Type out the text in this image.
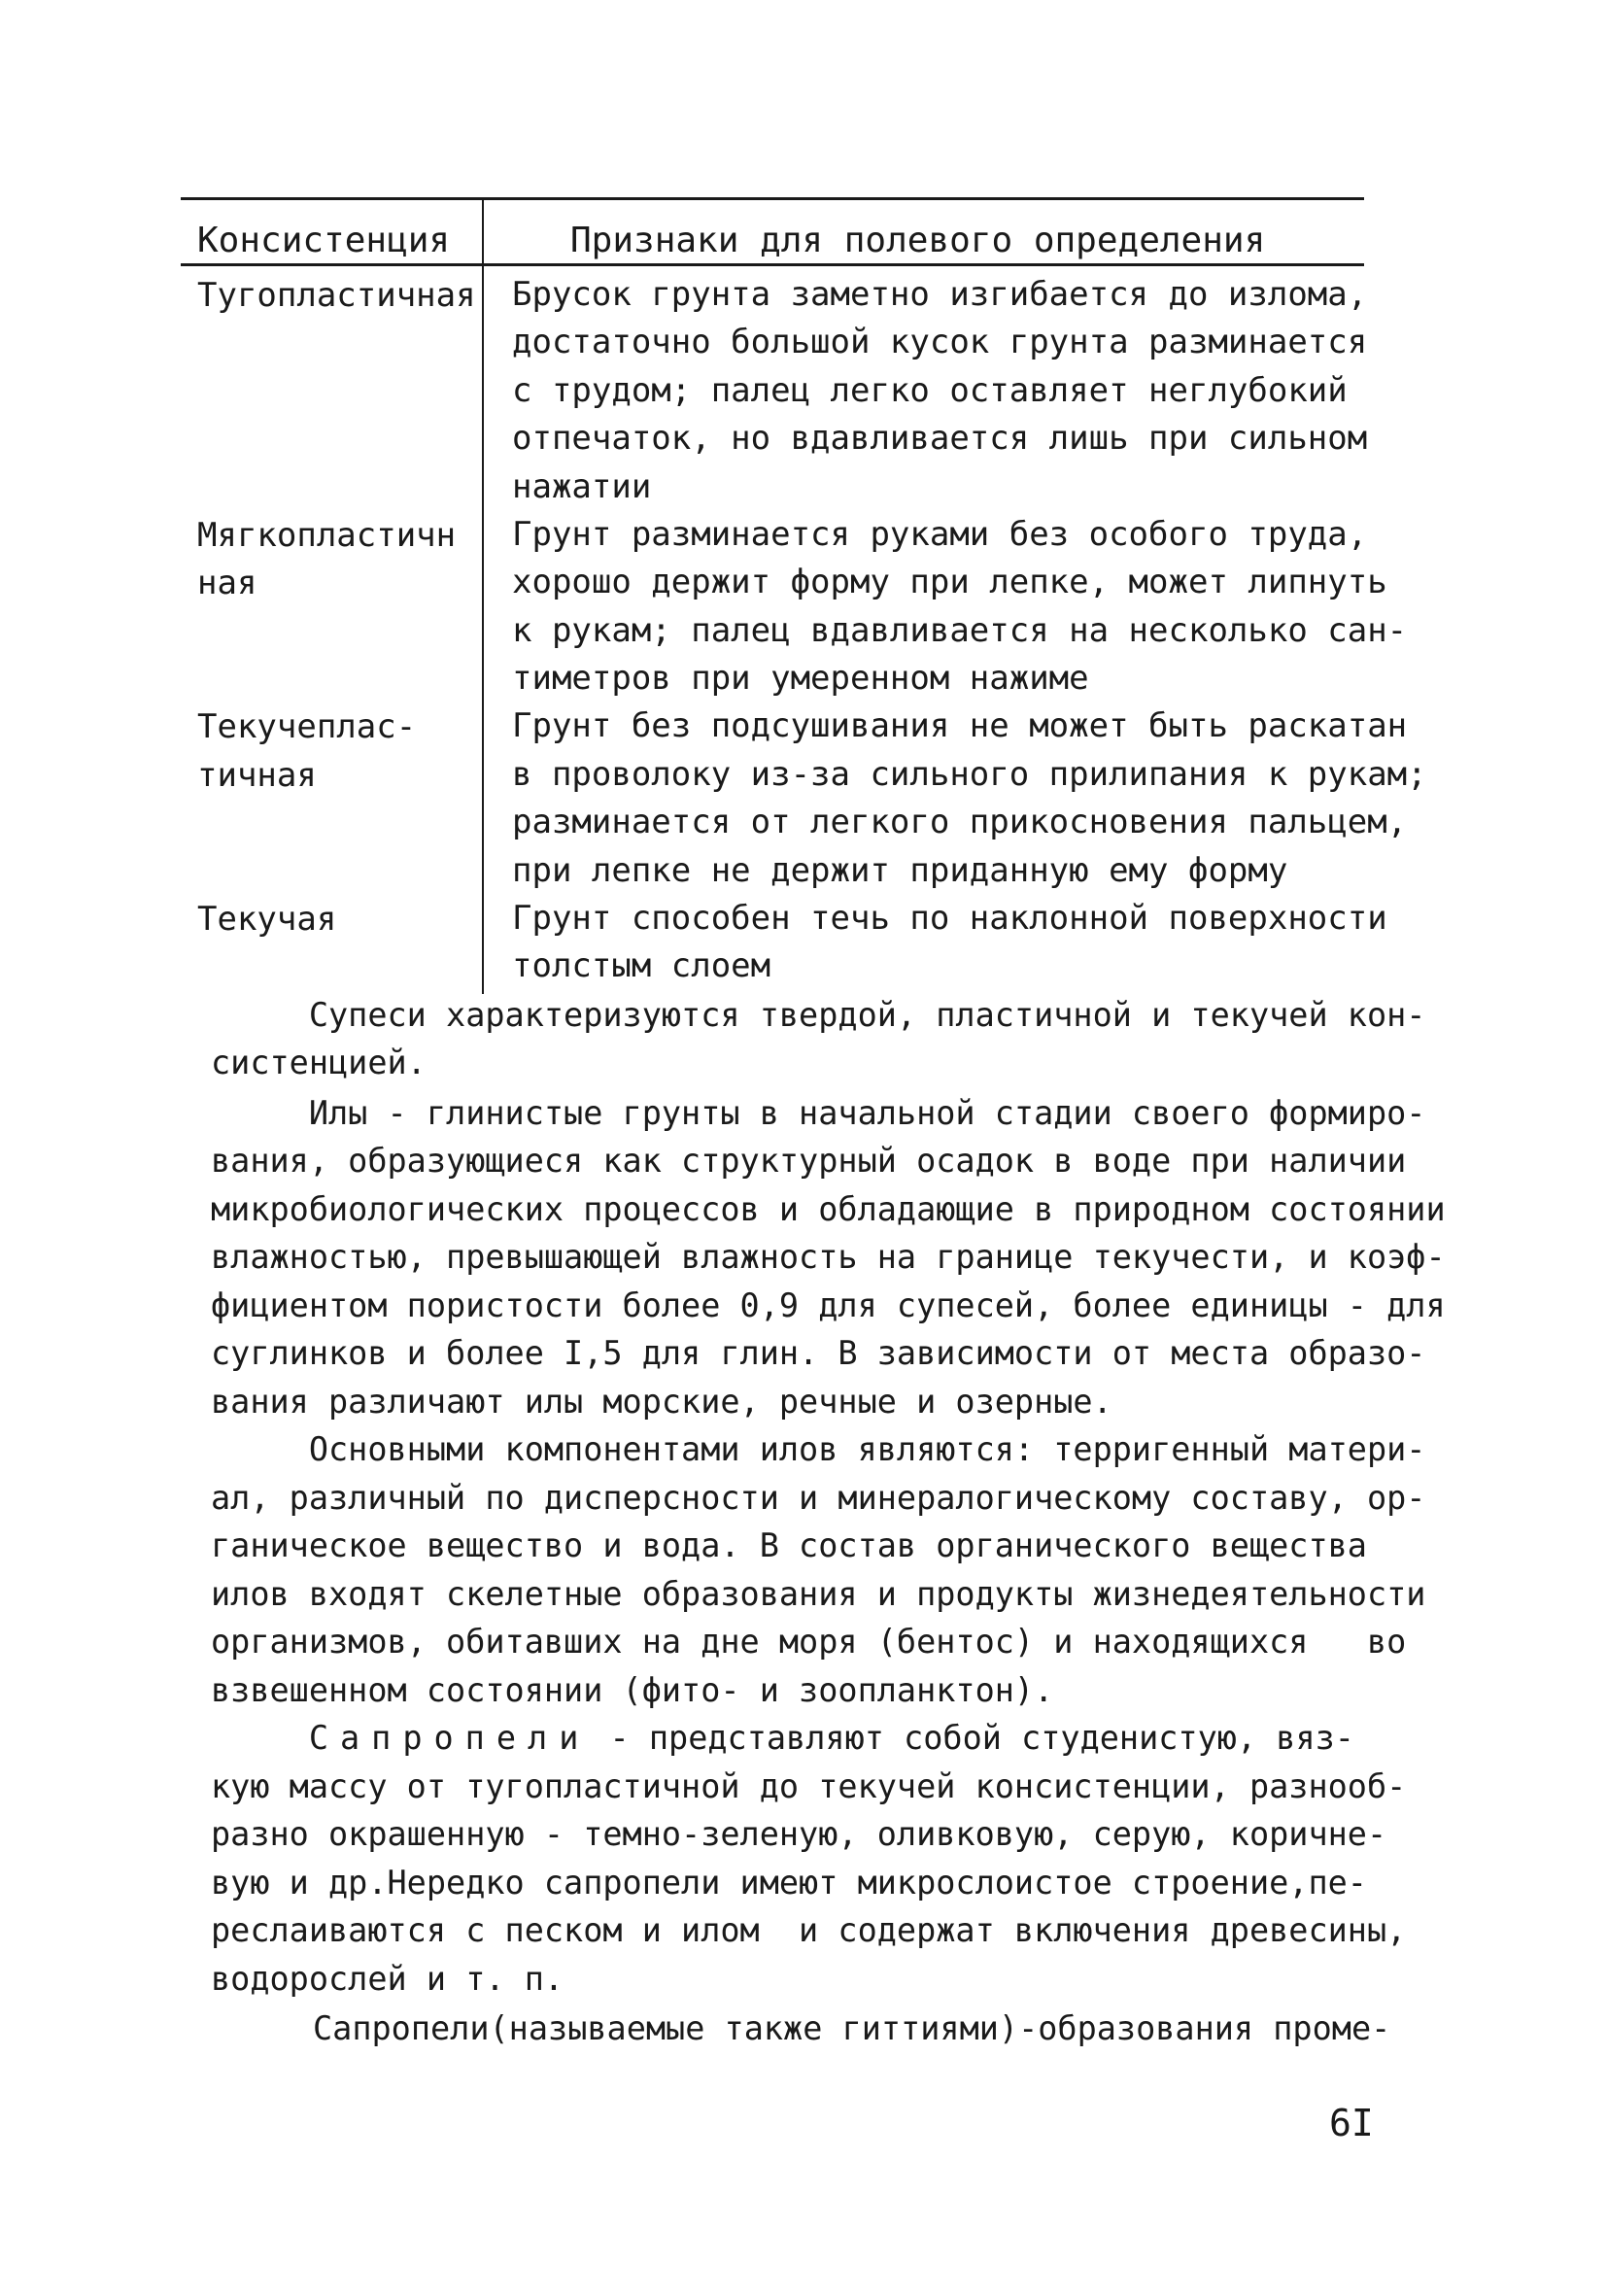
Консистенция	Признаки для полевого определения
Тугопластичная Брусок грунта заметно изгибается до излома,
достаточно большой кусок грунта разминается
с трудом; палец легко оставляет неглубокий
отпечаток, но вдавливается лишь при сильном
нажатии
Мягкопластичн
ная
Грунт разминается руками без особого труда,
хорошо держит форму при лепке, может липнуть
к рукам; палец вдавливается на несколько сан-
тиметров при умеренном нажиме
Текучеплас-
тичная
Грунт без подсушивания не может быть раскатан
в проволоку из-за сильного прилипания к рукам;
разминается от легкого прикосновения пальцем,
при лепке не держит приданную ему форму
Текучая	Грунт способен течь по наклонной поверхности
толстым слоем
Супеси характеризуются твердой, пластичной и текучей кон-
систенцией.
Илы - глинистые грунты в начальной стадии своего формиро-
вания, образующиеся как структурный осадок в воде при наличии
микробиологических процессов и обладающие в природном состоянии
влажностью, превышающей влажность на границе текучести, и коэф-
фициентом пористости более 0,9 для супесей, более единицы - для
суглинков и более I,5 для глин. В зависимости от места образо-
вания различают илы морские, речные и озерные.
Основными компонентами илов являются: терригенный матери-
ал, различный по дисперсности и минералогическому составу, ор-
ганическое вещество и вода. В состав органического вещества
илов входят скелетные образования и продукты жизнедеятельности
организмов, обитавших на дне моря (бентос) и находящихся   во
взвешенном состоянии (фито- и зоопланктон).
Сапропели - представляют собой студенистую, вяз-
кую массу от тугопластичной до текучей консистенции, разнооб-
разно окрашенную - темно-зеленую, оливковую, серую, коричне-
вую и др.Нередко сапропели имеют микрослоистое строение,пе-
реслаиваются с песком и илом  и содержат включения древесины,
водорослей и т. п.
Сапропели(называемые также гиттиями)-образования проме-
6I
